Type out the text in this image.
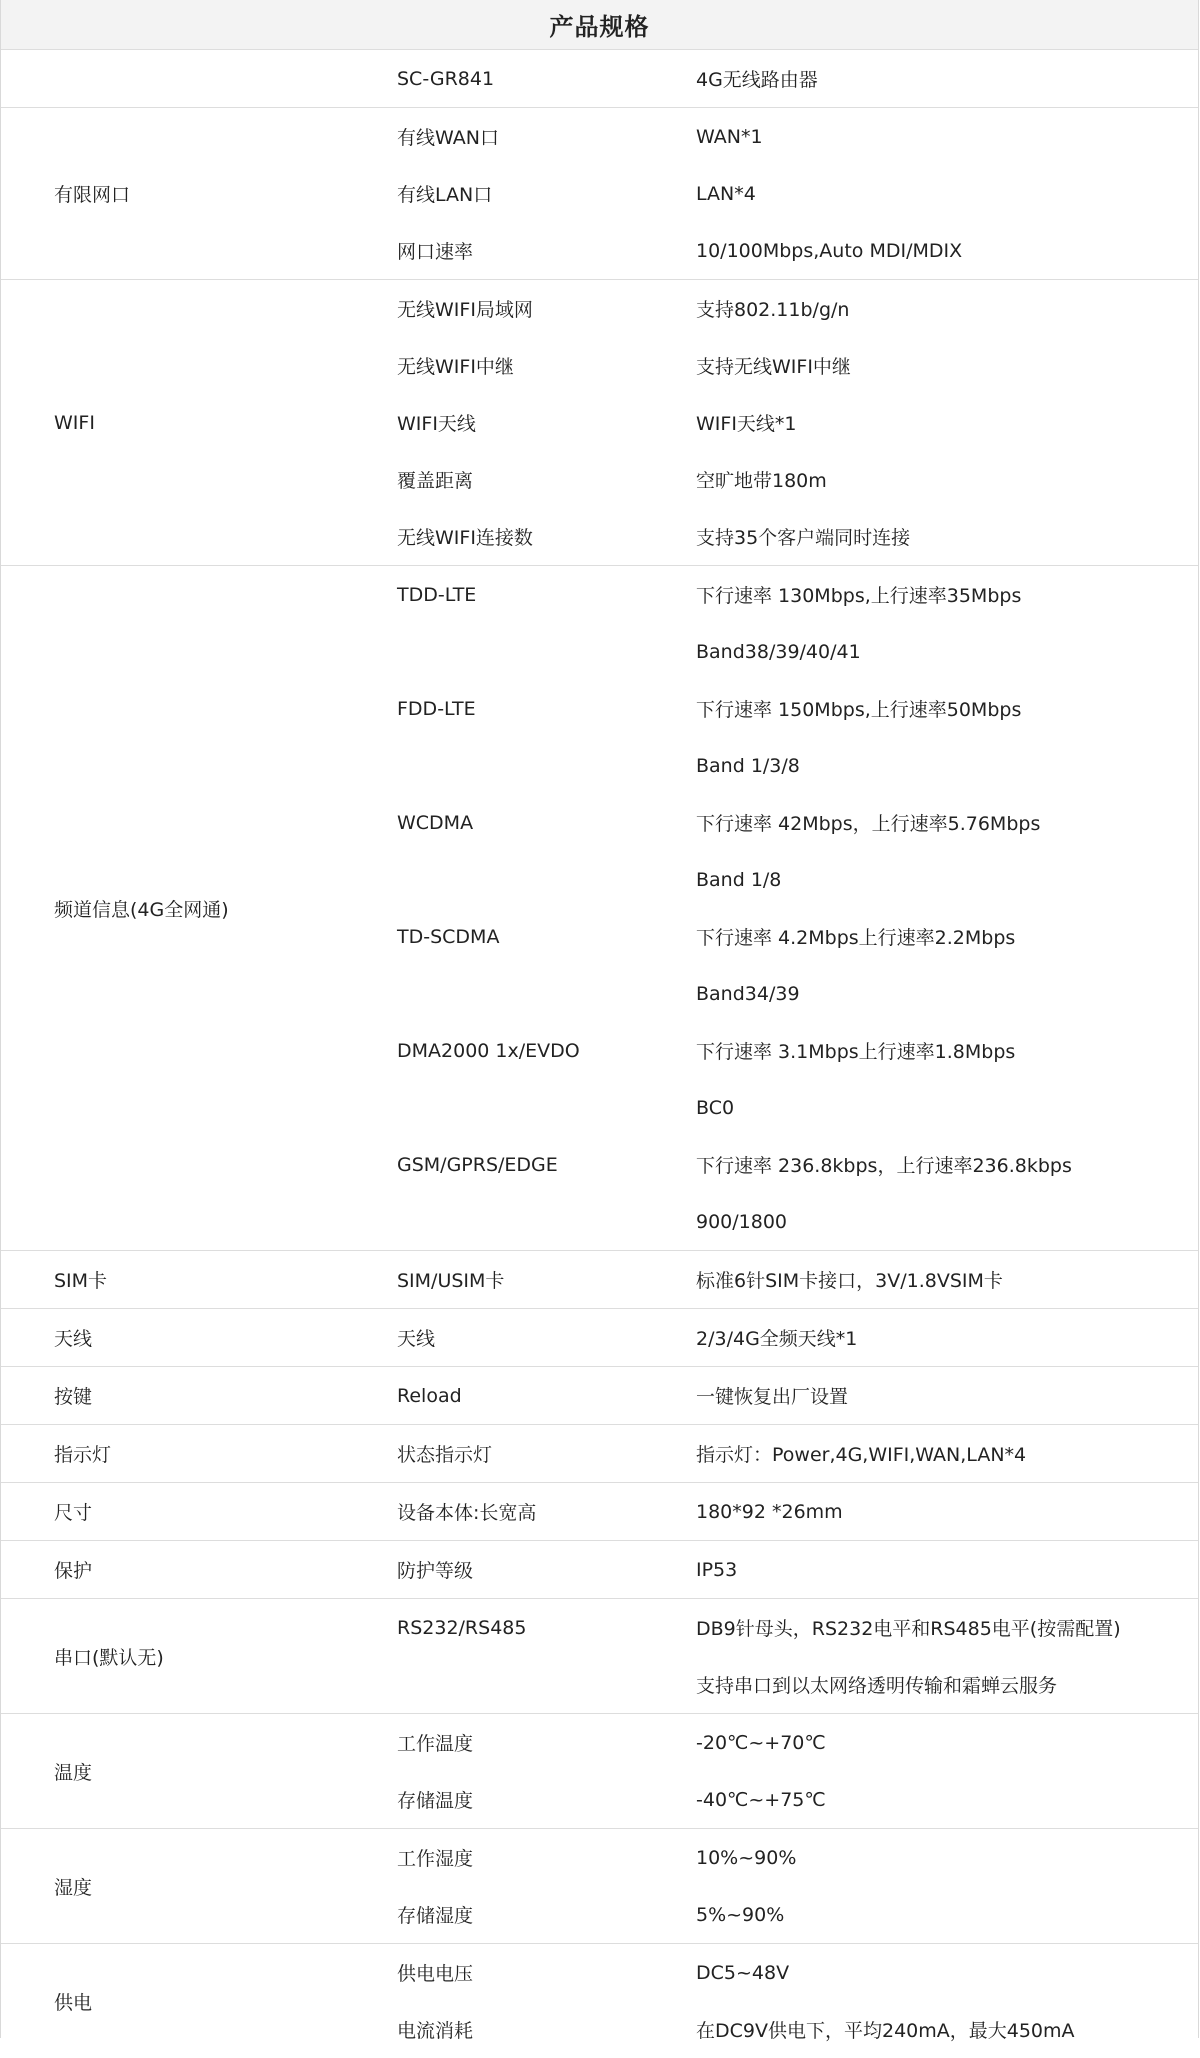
产品规格
SC-GR841	4G无线路由器
有限网口
有线WAN口	WAN*1
有线LAN口	LAN*4
网口速率	10/100Mbps,Auto MDI/MDIX
WIFI
无线WIFI局域网	支持802.11b/g/n
无线WIFI中继	支持无线WIFI中继
WIFI天线	WIFI天线*1
覆盖距离	空旷地带180m
无线WIFI连接数	支持35个客户端同时连接
频道信息(4G全网通)
TDD-LTE	下行速率 130Mbps,上行速率35Mbps
Band38/39/40/41
FDD-LTE	下行速率 150Mbps,上行速率50Mbps
Band 1/3/8
WCDMA	下行速率 42Mbps，上行速率5.76Mbps
Band 1/8
TD-SCDMA	下行速率 4.2Mbps上行速率2.2Mbps
Band34/39
DMA2000 1x/EVDO	下行速率 3.1Mbps上行速率1.8Mbps
BC0
GSM/GPRS/EDGE	下行速率 236.8kbps，上行速率236.8kbps
900/1800
SIM卡	SIM/USIM卡	标准6针SIM卡接口，3V/1.8VSIM卡
天线	天线	2/3/4G全频天线*1
按键	Reload	一键恢复出厂设置
指示灯	状态指示灯	指示灯：Power,4G,WIFI,WAN,LAN*4
尺寸	设备本体:长宽高	180*92 *26mm
保护	防护等级	IP53
串口(默认无)
RS232/RS485	DB9针母头，RS232电平和RS485电平(按需配置)
支持串口到以太网络透明传输和霜蝉云服务
温度
工作温度	-20℃~+70℃
存储温度	-40℃~+75℃
湿度
工作湿度	10%~90%
存储湿度	5%~90%
供电
供电电压	DC5~48V
电流消耗	在DC9V供电下，平均240mA，最大450mA
